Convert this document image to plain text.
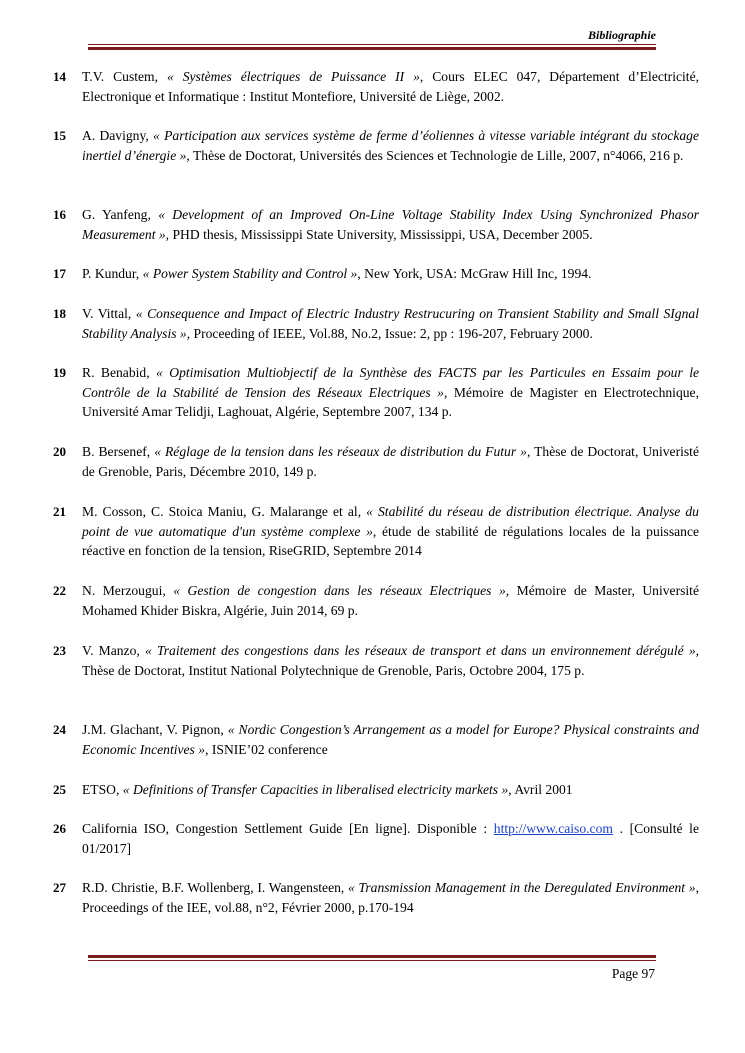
Bibliographie
14	T.V. Custem, « Systèmes électriques de Puissance II », Cours ELEC 047, Département d’Electricité, Electronique et Informatique : Institut Montefiore, Université de Liège, 2002.
15	A. Davigny, « Participation aux services système de ferme d’éoliennes à vitesse variable intégrant du stockage inertiel d’énergie », Thèse de Doctorat, Universités des Sciences et Technologie de Lille, 2007, n°4066, 216 p.
16	G. Yanfeng, « Development of an Improved On-Line Voltage Stability Index Using Synchronized Phasor Measurement », PHD thesis, Mississippi State University, Mississippi, USA, December 2005.
17	P. Kundur, « Power System Stability and Control », New York, USA: McGraw Hill Inc, 1994.
18	V. Vittal, « Consequence and Impact of Electric Industry Restrucuring on Transient Stability and Small SIgnal Stability Analysis », Proceeding of IEEE, Vol.88, No.2, Issue: 2, pp : 196-207, February 2000.
19	R. Benabid, « Optimisation Multiobjectif de la Synthèse des FACTS par les Particules en Essaim pour le Contrôle de la Stabilité de Tension des Réseaux Electriques », Mémoire de Magister en Electrotechnique, Université Amar Telidji, Laghouat, Algérie, Septembre 2007, 134 p.
20	B. Bersenef, « Réglage de la tension dans les réseaux de distribution du Futur », Thèse de Doctorat, Univeristé de Grenoble, Paris, Décembre 2010, 149 p.
21	M. Cosson, C. Stoica Maniu, G. Malarange et al, « Stabilité du réseau de distribution électrique. Analyse du point de vue automatique d'un système complexe », étude de stabilité de régulations locales de la puissance réactive en fonction de la tension, RiseGRID, Septembre 2014
22	N. Merzougui, « Gestion de congestion dans les réseaux Electriques », Mémoire de Master, Université Mohamed Khider Biskra, Algérie, Juin 2014, 69 p.
23	V. Manzo, « Traitement des congestions dans les réseaux de transport et dans un environnement dérégulé », Thèse de Doctorat, Institut National Polytechnique de Grenoble, Paris, Octobre 2004, 175 p.
24	J.M. Glachant, V. Pignon, « Nordic Congestion’s Arrangement as a model for Europe? Physical constraints and Economic Incentives », ISNIE’02 conference
25	ETSO, « Definitions of Transfer Capacities in liberalised electricity markets », Avril 2001
26	California ISO, Congestion Settlement Guide [En ligne]. Disponible : http://www.caiso.com . [Consulté le 01/2017]
27	R.D. Christie, B.F. Wollenberg, I. Wangensteen, « Transmission Management in the Deregulated Environment », Proceedings of the IEE, vol.88, n°2, Février 2000, p.170-194
Page 97
